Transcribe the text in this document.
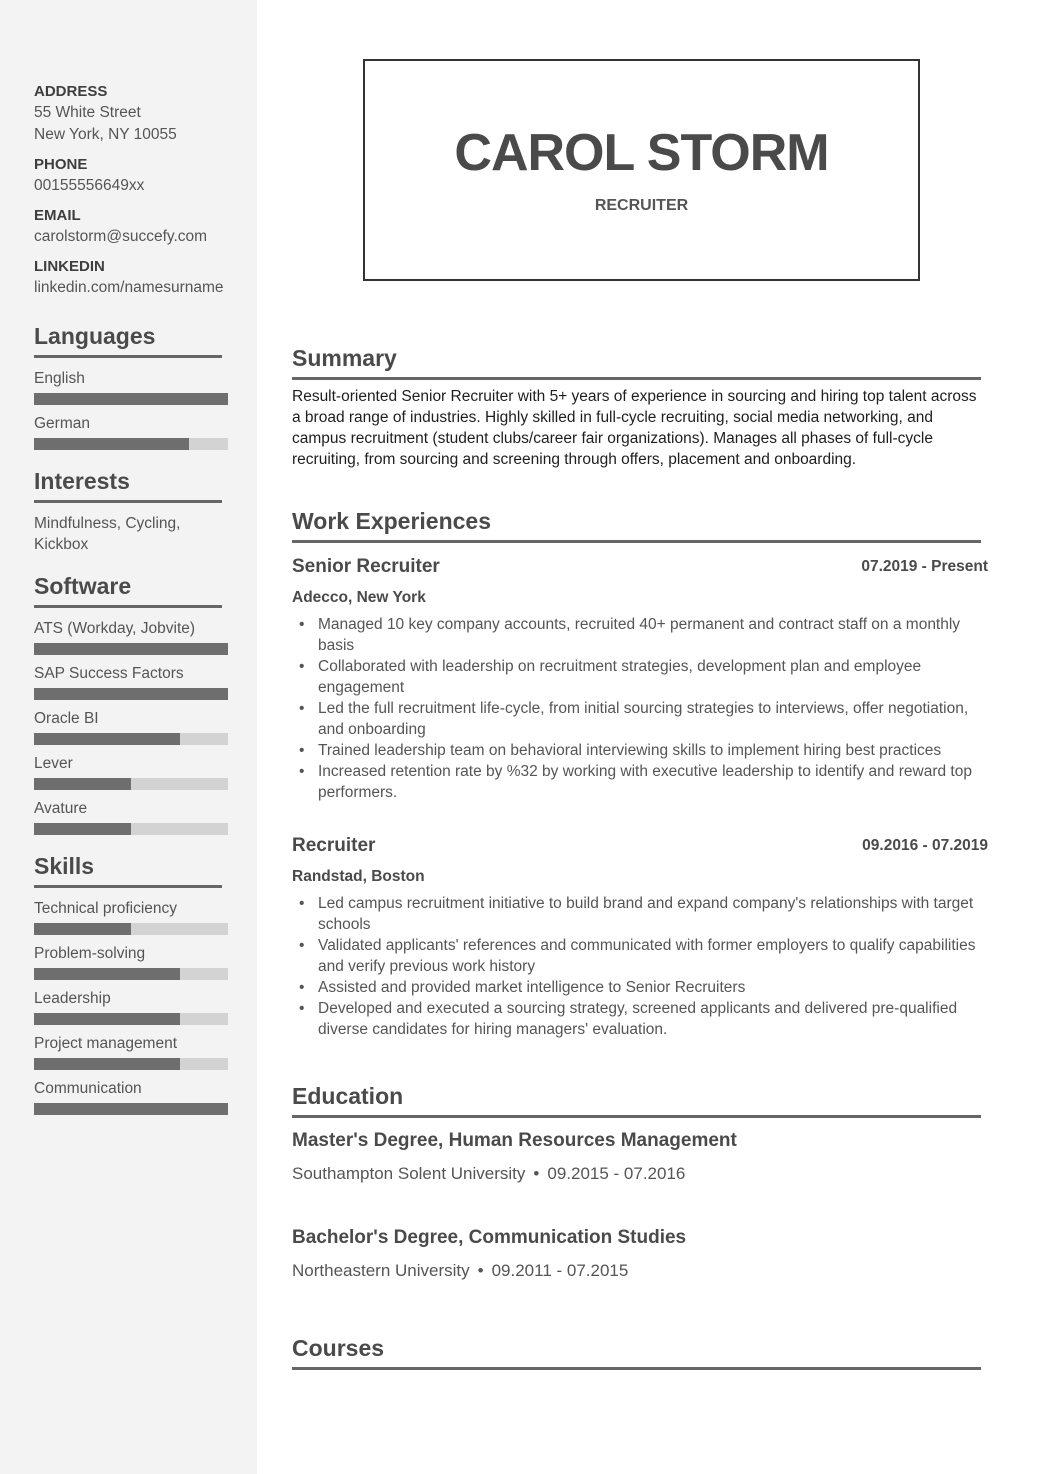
ADDRESS
55 White Street
New York, NY 10055
PHONE
00155556649xx
EMAIL
carolstorm@succefy.com
LINKEDIN
linkedin.com/namesurname
Languages
English
German
Interests
Mindfulness, Cycling, Kickbox
Software
ATS (Workday, Jobvite)
SAP Success Factors
Oracle BI
Lever
Avature
Skills
Technical proficiency
Problem-solving
Leadership
Project management
Communication
CAROL STORM
RECRUITER
Summary
Result-oriented Senior Recruiter with 5+ years of experience in sourcing and hiring top talent across a broad range of industries. Highly skilled in full-cycle recruiting, social media networking, and campus recruitment (student clubs/career fair organizations). Manages all phases of full-cycle recruiting, from sourcing and screening through offers, placement and onboarding.
Work Experiences
Senior Recruiter	07.2019 - Present
Adecco, New York
• Managed 10 key company accounts, recruited 40+ permanent and contract staff on a monthly basis
• Collaborated with leadership on recruitment strategies, development plan and employee engagement
• Led the full recruitment life-cycle, from initial sourcing strategies to interviews, offer negotiation, and onboarding
• Trained leadership team on behavioral interviewing skills to implement hiring best practices
• Increased retention rate by %32 by working with executive leadership to identify and reward top performers.
Recruiter	09.2016 - 07.2019
Randstad, Boston
• Led campus recruitment initiative to build brand and expand company's relationships with target schools
• Validated applicants' references and communicated with former employers to qualify capabilities and verify previous work history
• Assisted and provided market intelligence to Senior Recruiters
• Developed and executed a sourcing strategy, screened applicants and delivered pre-qualified diverse candidates for hiring managers' evaluation.
Education
Master's Degree, Human Resources Management
Southampton Solent University • 09.2015 - 07.2016
Bachelor's Degree, Communication Studies
Northeastern University • 09.2011 - 07.2015
Courses
